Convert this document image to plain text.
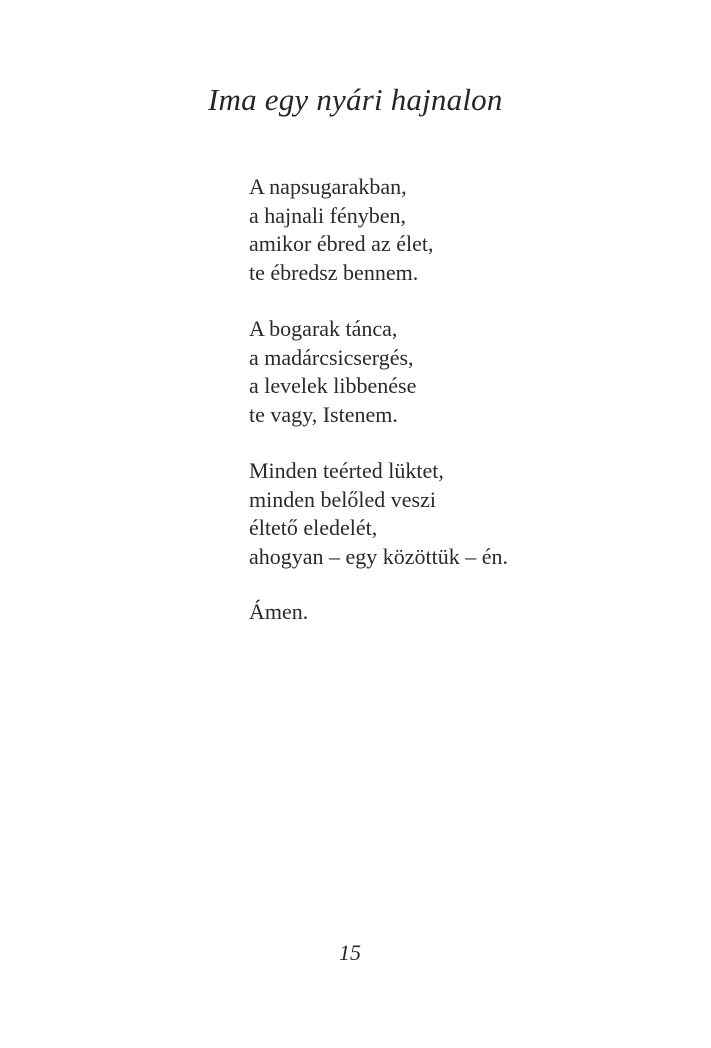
Ima egy nyári hajnalon
A napsugarakban,
a hajnali fényben,
amikor ébred az élet,
te ébredsz bennem.
A bogarak tánca,
a madárcsicsergés,
a levelek libbenése
te vagy, Istenem.
Minden teérted lüktet,
minden belőled veszi
éltető eledelét,
ahogyan – egy közöttük – én.
Ámen.

15
